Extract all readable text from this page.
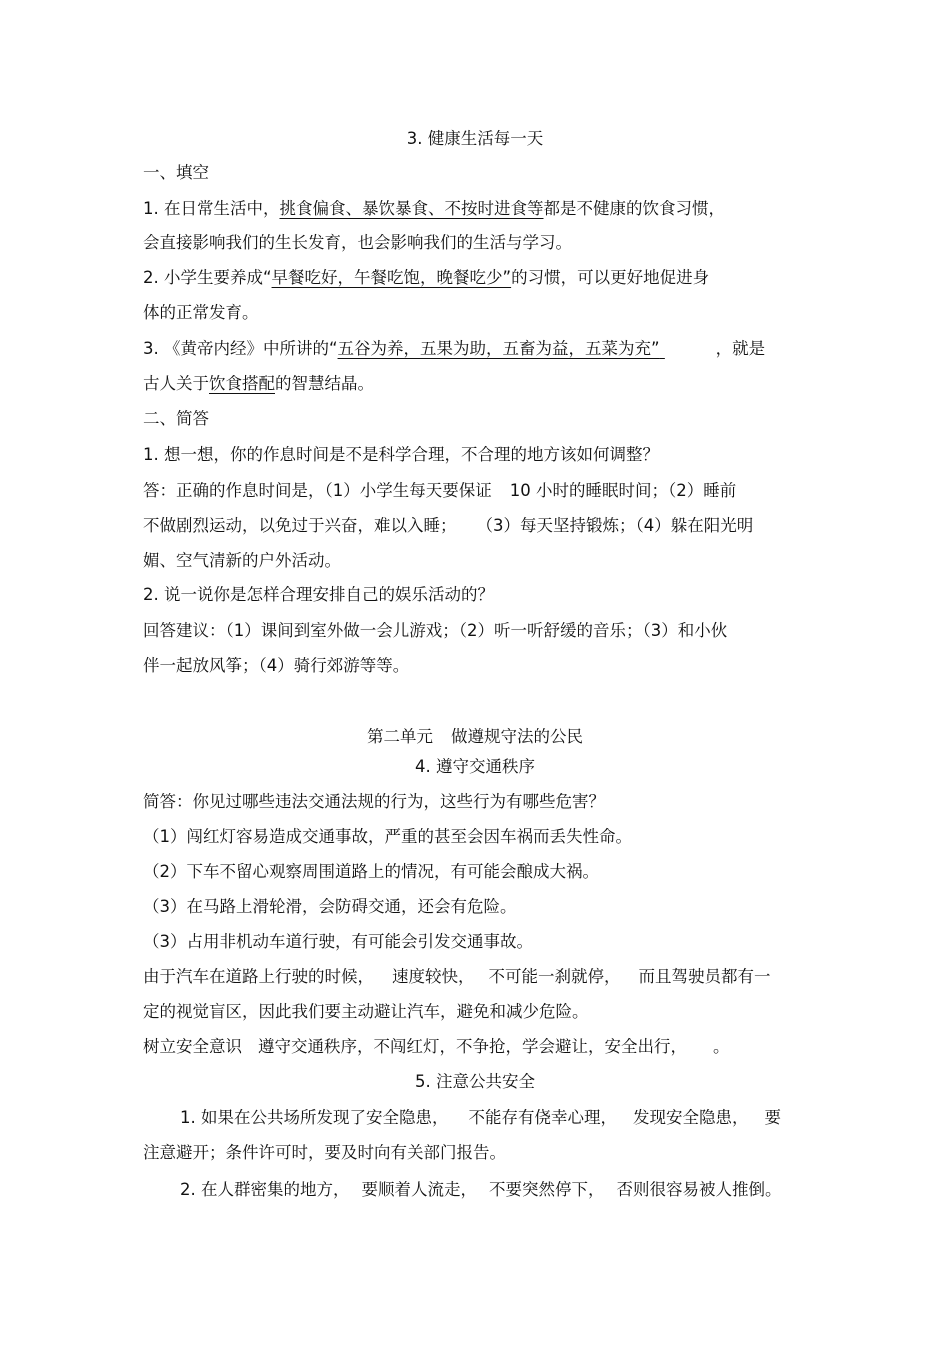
3. 健康生活每一天
一、填空
1. 在日常生活中，挑食偏食、暴饮暴食、不按时进食等都是不健康的饮食习惯，
会直接影响我们的生长发育，也会影响我们的生活与学习。
2. 小学生要养成“早餐吃好，午餐吃饱，晚餐吃少”的习惯，可以更好地促进身
体的正常发育。
3. 《黄帝内经》中所讲的“五谷为养，五果为助，五畜为益，五菜为充”	，就是
古人关于饮食搭配的智慧结晶。
二、简答
1. 想一想，你的作息时间是不是科学合理，不合理的地方该如何调整？
答：正确的作息时间是，（1）小学生每天要保证 10 小时的睡眠时间；（2）睡前
不做剧烈运动，以免过于兴奋，难以入睡； （3）每天坚持锻炼；（4）躲在阳光明
媚、空气清新的户外活动。
2. 说一说你是怎样合理安排自己的娱乐活动的？
回答建议：（1）课间到室外做一会儿游戏；（2）听一听舒缓的音乐；（3）和小伙
伴一起放风筝；（4）骑行郊游等等。
第二单元 做遵规守法的公民
4. 遵守交通秩序
简答：你见过哪些违法交通法规的行为，这些行为有哪些危害？
（1）闯红灯容易造成交通事故，严重的甚至会因车祸而丢失性命。
（2）下车不留心观察周围道路上的情况，有可能会酿成大祸。
（3）在马路上滑轮滑，会防碍交通，还会有危险。
（3）占用非机动车道行驶，有可能会引发交通事故。
由于汽车在道路上行驶的时候， 速度较快， 不可能一刹就停， 而且驾驶员都有一
定的视觉盲区，因此我们要主动避让汽车，避免和减少危险。
树立安全意识 遵守交通秩序，不闯红灯，不争抢，学会避让，安全出行， 。
5. 注意公共安全
1. 如果在公共场所发现了安全隐患， 不能存有侥幸心理， 发现安全隐患， 要
注意避开；条件许可时，要及时向有关部门报告。
2. 在人群密集的地方， 要顺着人流走， 不要突然停下， 否则很容易被人推倒。
